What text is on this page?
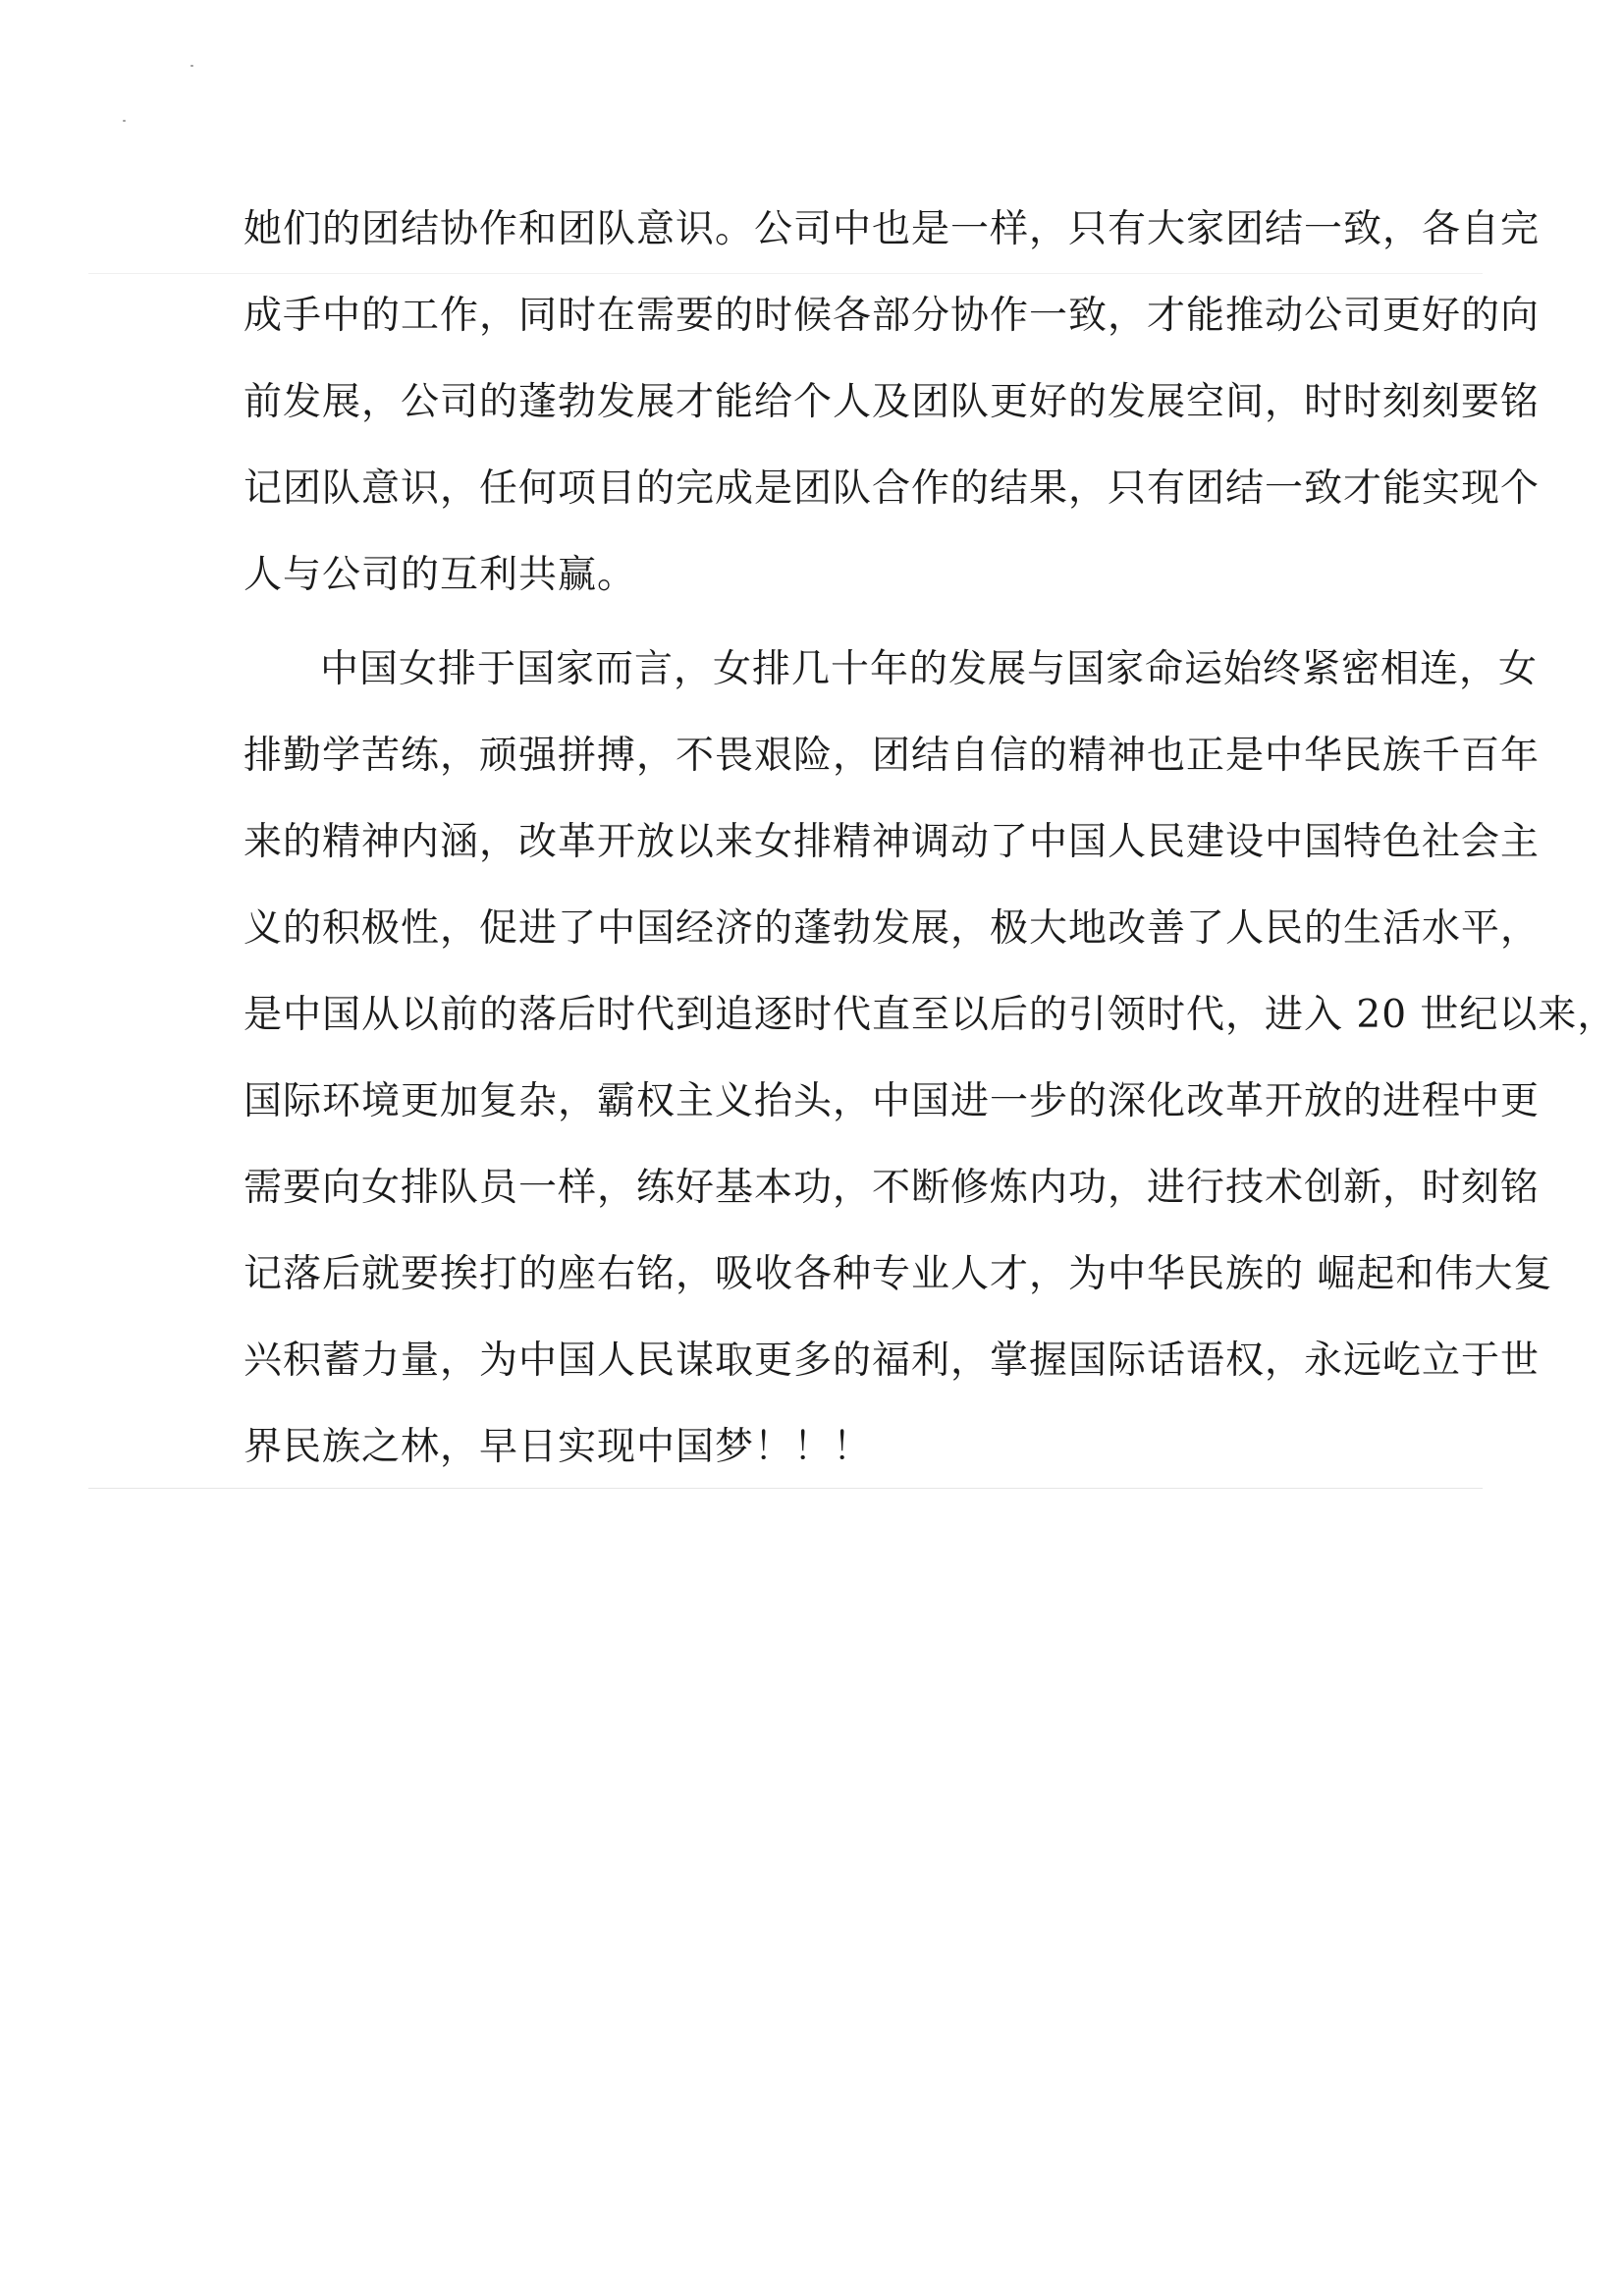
她们的团结协作和团队意识。公司中也是一样，只有大家团结一致，各自完
成手中的工作，同时在需要的时候各部分协作一致，才能推动公司更好的向
前发展，公司的蓬勃发展才能给个人及团队更好的发展空间，时时刻刻要铭
记团队意识，任何项目的完成是团队合作的结果，只有团结一致才能实现个
人与公司的互利共赢。
中国女排于国家而言，女排几十年的发展与国家命运始终紧密相连，女
排勤学苦练，顽强拼搏，不畏艰险，团结自信的精神也正是中华民族千百年
来的精神内涵，改革开放以来女排精神调动了中国人民建设中国特色社会主
义的积极性，促进了中国经济的蓬勃发展，极大地改善了人民的生活水平，
是中国从以前的落后时代到追逐时代直至以后的引领时代，进入 20 世纪以来，
国际环境更加复杂，霸权主义抬头，中国进一步的深化改革开放的进程中更
需要向女排队员一样，练好基本功，不断修炼内功，进行技术创新，时刻铭
记落后就要挨打的座右铭，吸收各种专业人才，为中华民族的 崛起和伟大复
兴积蓄力量，为中国人民谋取更多的福利，掌握国际话语权，永远屹立于世
界民族之林，早日实现中国梦！！！
